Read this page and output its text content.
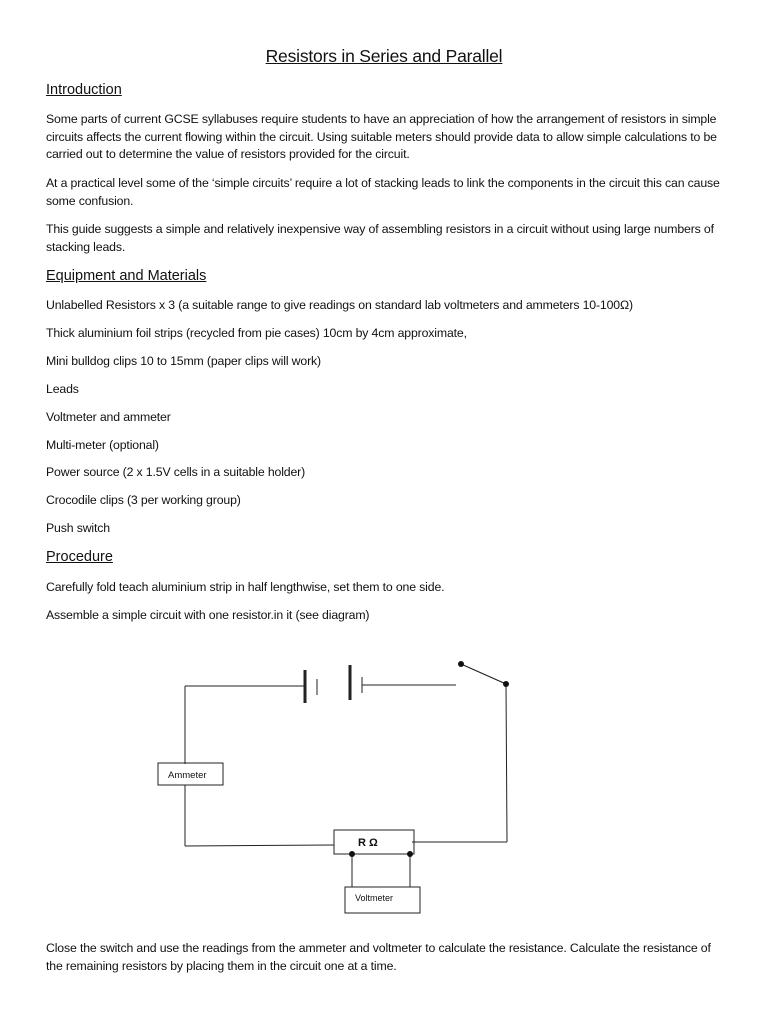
Resistors in Series and Parallel
Introduction

Some parts of current GCSE syllabuses require students to have an appreciation of how the arrangement of resistors in simple circuits affects the current flowing within the circuit. Using suitable meters should provide data to allow simple calculations to be carried out to determine the value of resistors provided for the circuit.

At a practical level some of the ‘simple circuits’ require a lot of stacking leads to link the components in the circuit this can cause some confusion.

This guide suggests a simple and relatively inexpensive way of assembling resistors in a circuit without using large numbers of stacking leads.

Equipment and Materials

Unlabelled Resistors x 3 (a suitable range to give readings on standard lab voltmeters and ammeters 10-100Ω)

Thick aluminium foil strips (recycled from pie cases) 10cm by 4cm approximate,

Mini bulldog clips 10 to 15mm (paper clips will work)

Leads

Voltmeter and ammeter

Multi-meter (optional)

Power source (2 x 1.5V cells in a suitable holder)

Crocodile clips (3 per working group)

Push switch

Procedure

Carefully fold teach aluminium strip in half lengthwise, set them to one side.

Assemble a simple circuit with one resistor.in it (see diagram)

Ammeter
R Ω
Voltmeter

Close the switch and use the readings from the ammeter and voltmeter to calculate the resistance. Calculate the resistance of the remaining resistors by placing them in the circuit one at a time.
